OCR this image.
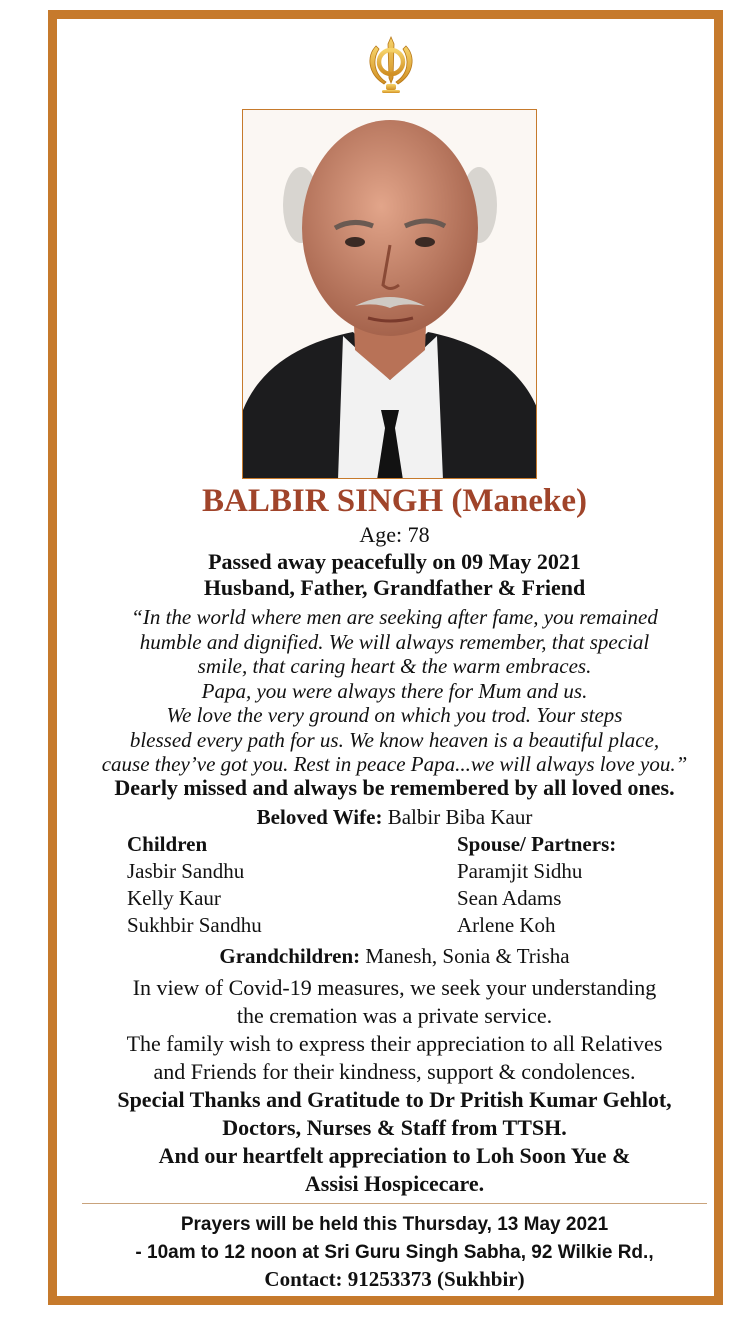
BALBIR SINGH (Maneke)
Age: 78
Passed away peacefully on 09 May 2021
Husband, Father, Grandfather & Friend
“In the world where men are seeking after fame, you remained
humble and dignified. We will always remember, that special
smile, that caring heart & the warm embraces.
Papa, you were always there for Mum and us.
We love the very ground on which you trod. Your steps
blessed every path for us. We know heaven is a beautiful place,
cause they’ve got you. Rest in peace Papa...we will always love you.”
Dearly missed and always be remembered by all loved ones.
Beloved Wife: Balbir Biba Kaur
Children
Jasbir Sandhu
Kelly Kaur
Sukhbir Sandhu
Spouse/ Partners:
Paramjit Sidhu
Sean Adams
Arlene Koh
Grandchildren: Manesh, Sonia & Trisha
In view of Covid-19 measures, we seek your understanding
the cremation was a private service.
The family wish to express their appreciation to all Relatives
and Friends for their kindness, support & condolences.
Special Thanks and Gratitude to Dr Pritish Kumar Gehlot,
Doctors, Nurses & Staff from TTSH.
And our heartfelt appreciation to Loh Soon Yue &
Assisi Hospicecare.
Prayers will be held this Thursday, 13 May 2021
- 10am to 12 noon at Sri Guru Singh Sabha, 92 Wilkie Rd.,
Contact: 91253373 (Sukhbir)
